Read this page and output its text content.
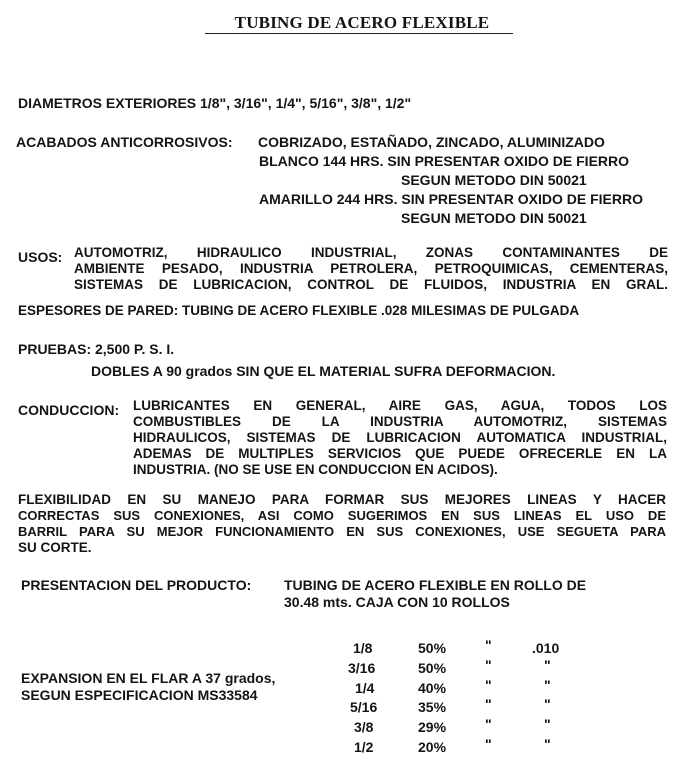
TUBING DE ACERO FLEXIBLE
DIAMETROS EXTERIORES 1/8", 3/16", 1/4", 5/16", 3/8", 1/2"
ACABADOS ANTICORROSIVOS: COBRIZADO, ESTAÑADO, ZINCADO, ALUMINIZADO
BLANCO 144 HRS. SIN PRESENTAR OXIDO DE FIERRO
SEGUN METODO DIN 50021
AMARILLO 244 HRS. SIN PRESENTAR OXIDO DE FIERRO
SEGUN METODO DIN 50021
USOS: AUTOMOTRIZ, HIDRAULICO INDUSTRIAL, ZONAS CONTAMINANTES DE
AMBIENTE PESADO, INDUSTRIA PETROLERA, PETROQUIMICAS, CEMENTERAS,
SISTEMAS DE LUBRICACION, CONTROL DE FLUIDOS, INDUSTRIA EN GRAL.
ESPESORES DE PARED: TUBING DE ACERO FLEXIBLE .028 MILESIMAS DE PULGADA
PRUEBAS: 2,500 P. S. I.
DOBLES A 90 grados SIN QUE EL MATERIAL SUFRA DEFORMACION.
CONDUCCION: LUBRICANTES EN GENERAL, AIRE GAS, AGUA, TODOS LOS
COMBUSTIBLES DE LA INDUSTRIA AUTOMOTRIZ, SISTEMAS
HIDRAULICOS, SISTEMAS DE LUBRICACION AUTOMATICA INDUSTRIAL,
ADEMAS DE MULTIPLES SERVICIOS QUE PUEDE OFRECERLE EN LA
INDUSTRIA. (NO SE USE EN CONDUCCION EN ACIDOS).
FLEXIBILIDAD EN SU MANEJO PARA FORMAR SUS MEJORES LINEAS Y HACER
CORRECTAS SUS CONEXIONES, ASI COMO SUGERIMOS EN SUS LINEAS EL USO DE
BARRIL PARA SU MEJOR FUNCIONAMIENTO EN SUS CONEXIONES, USE SEGUETA PARA
SU CORTE.
PRESENTACION DEL PRODUCTO: TUBING DE ACERO FLEXIBLE EN ROLLO DE
30.48 mts. CAJA CON 10 ROLLOS
EXPANSION EN EL FLAR A 37 grados,
SEGUN ESPECIFICACION MS33584
1/8	50%	"	.010
3/16	50%	"	"
1/4	40%	"	"
5/16	35%	"	"
3/8	29%	"	"
1/2	20%	"	"
